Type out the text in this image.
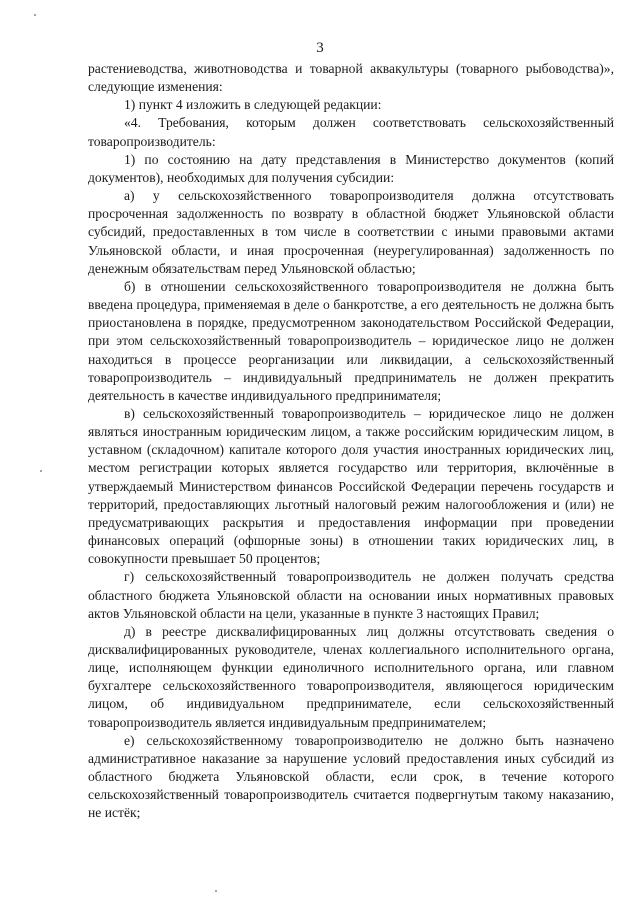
3

растениеводства, животноводства и товарной аквакультуры (товарного рыбоводства)», следующие изменения:

1) пункт 4 изложить в следующей редакции:

«4. Требования, которым должен соответствовать сельскохозяйственный товаропроизводитель:

1) по состоянию на дату представления в Министерство документов (копий документов), необходимых для получения субсидии:

а) у сельскохозяйственного товаропроизводителя должна отсутствовать просроченная задолженность по возврату в областной бюджет Ульяновской области субсидий, предоставленных в том числе в соответствии с иными правовыми актами Ульяновской области, и иная просроченная (неурегулированная) задолженность по денежным обязательствам перед Ульяновской областью;

б) в отношении сельскохозяйственного товаропроизводителя не должна быть введена процедура, применяемая в деле о банкротстве, а его деятельность не должна быть приостановлена в порядке, предусмотренном законодательством Российской Федерации, при этом сельскохозяйственный товаропроизводитель – юридическое лицо не должен находиться в процессе реорганизации или ликвидации, а сельскохозяйственный товаропроизводитель – индивидуальный предприниматель не должен прекратить деятельность в качестве индивидуального предпринимателя;

в) сельскохозяйственный товаропроизводитель – юридическое лицо не должен являться иностранным юридическим лицом, а также российским юридическим лицом, в уставном (складочном) капитале которого доля участия иностранных юридических лиц, местом регистрации которых является государство или территория, включённые в утверждаемый Министерством финансов Российской Федерации перечень государств и территорий, предоставляющих льготный налоговый режим налогообложения и (или) не предусматривающих раскрытия и предоставления информации при проведении финансовых операций (офшорные зоны) в отношении таких юридических лиц, в совокупности превышает 50 процентов;

г) сельскохозяйственный товаропроизводитель не должен получать средства областного бюджета Ульяновской области на основании иных нормативных правовых актов Ульяновской области на цели, указанные в пункте 3 настоящих Правил;

д) в реестре дисквалифицированных лиц должны отсутствовать сведения о дисквалифицированных руководителе, членах коллегиального исполнительного органа, лице, исполняющем функции единоличного исполнительного органа, или главном бухгалтере сельскохозяйственного товаропроизводителя, являющегося юридическим лицом, об индивидуальном предпринимателе, если сельскохозяйственный товаропроизводитель является индивидуальным предпринимателем;

е) сельскохозяйственному товаропроизводителю не должно быть назначено административное наказание за нарушение условий предоставления иных субсидий из областного бюджета Ульяновской области, если срок, в течение которого сельскохозяйственный товаропроизводитель считается подвергнутым такому наказанию, не истёк;
